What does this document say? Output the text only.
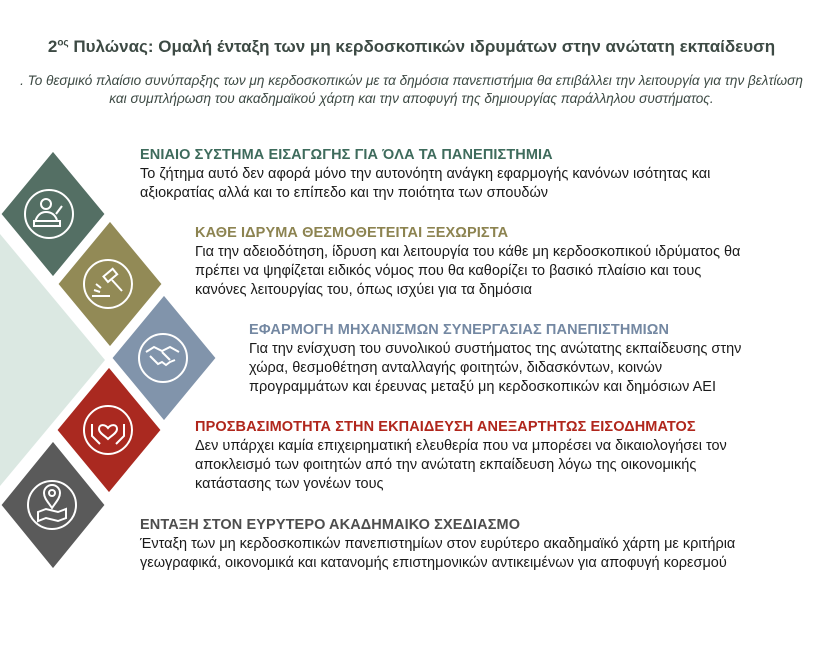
$2^{o\varsigma}$ Πυλώνας: Ομαλή ένταξη των μη κερδοσκοπικών ιδρυμάτων στην ανώτατη εκπαίδευση
. Το θεσμικό πλαίσιο συνύπαρξης των μη κερδοσκοπικών με τα δημόσια πανεπιστήμια θα επιβάλλει την λειτουργία για την βελτίωση και συμπλήρωση του ακαδημαϊκού χάρτη και την αποφυγή της δημιουργίας παράλληλου συστήματος.
ΕΝΙΑΙΟ ΣΥΣΤΗΜΑ ΕΙΣΑΓΩΓΗΣ ΓΙΑ ΌΛΑ ΤΑ ΠΑΝΕΠΙΣΤΗΜΙΑ
Το ζήτημα αυτό δεν αφορά μόνο την αυτονόητη ανάγκη εφαρμογής κανόνων ισότητας και
αξιοκρατίας αλλά και το επίπεδο και την ποιότητα των σπουδών
ΚΑΘΕ ΙΔΡΥΜΑ ΘΕΣΜΟΘΕΤΕΙΤΑΙ ΞΕΧΩΡΙΣΤΑ
Για την αδειοδότηση, ίδρυση και λειτουργία του κάθε μη κερδοσκοπικού ιδρύματος θα
πρέπει να ψηφίζεται ειδικός νόμος που θα καθορίζει το βασικό πλαίσιο και τους
κανόνες λειτουργίας του, όπως ισχύει για τα δημόσια
ΕΦΑΡΜΟΓΗ ΜΗΧΑΝΙΣΜΩΝ ΣΥΝΕΡΓΑΣΙΑΣ ΠΑΝΕΠΙΣΤΗΜΙΩΝ
Για την ενίσχυση του συνολικού συστήματος της ανώτατης εκπαίδευσης στην
χώρα, θεσμοθέτηση ανταλλαγής φοιτητών, διδασκόντων, κοινών
προγραμμάτων και έρευνας μεταξύ μη κερδοσκοπικών και δημόσιων ΑΕΙ
ΠΡΟΣΒΑΣΙΜΟΤΗΤΑ ΣΤΗΝ ΕΚΠΑΙΔΕΥΣΗ ΑΝΕΞΑΡΤΗΤΩΣ ΕΙΣΟΔΗΜΑΤΟΣ
Δεν υπάρχει καμία επιχειρηματική ελευθερία που να μπορέσει να δικαιολογήσει τον
αποκλεισμό των φοιτητών από την ανώτατη εκπαίδευση λόγω της οικονομικής
κατάστασης των γονέων τους
ΕΝΤΑΞΗ ΣΤΟΝ ΕΥΡΥΤΕΡΟ ΑΚΑΔΗΜΑΙΚΟ ΣΧΕΔΙΑΣΜΟ
Ένταξη των μη κερδοσκοπικών πανεπιστημίων στον ευρύτερο ακαδημαϊκό χάρτη με κριτήρια
γεωγραφικά, οικονομικά και κατανομής επιστημονικών αντικειμένων για αποφυγή κορεσμού
